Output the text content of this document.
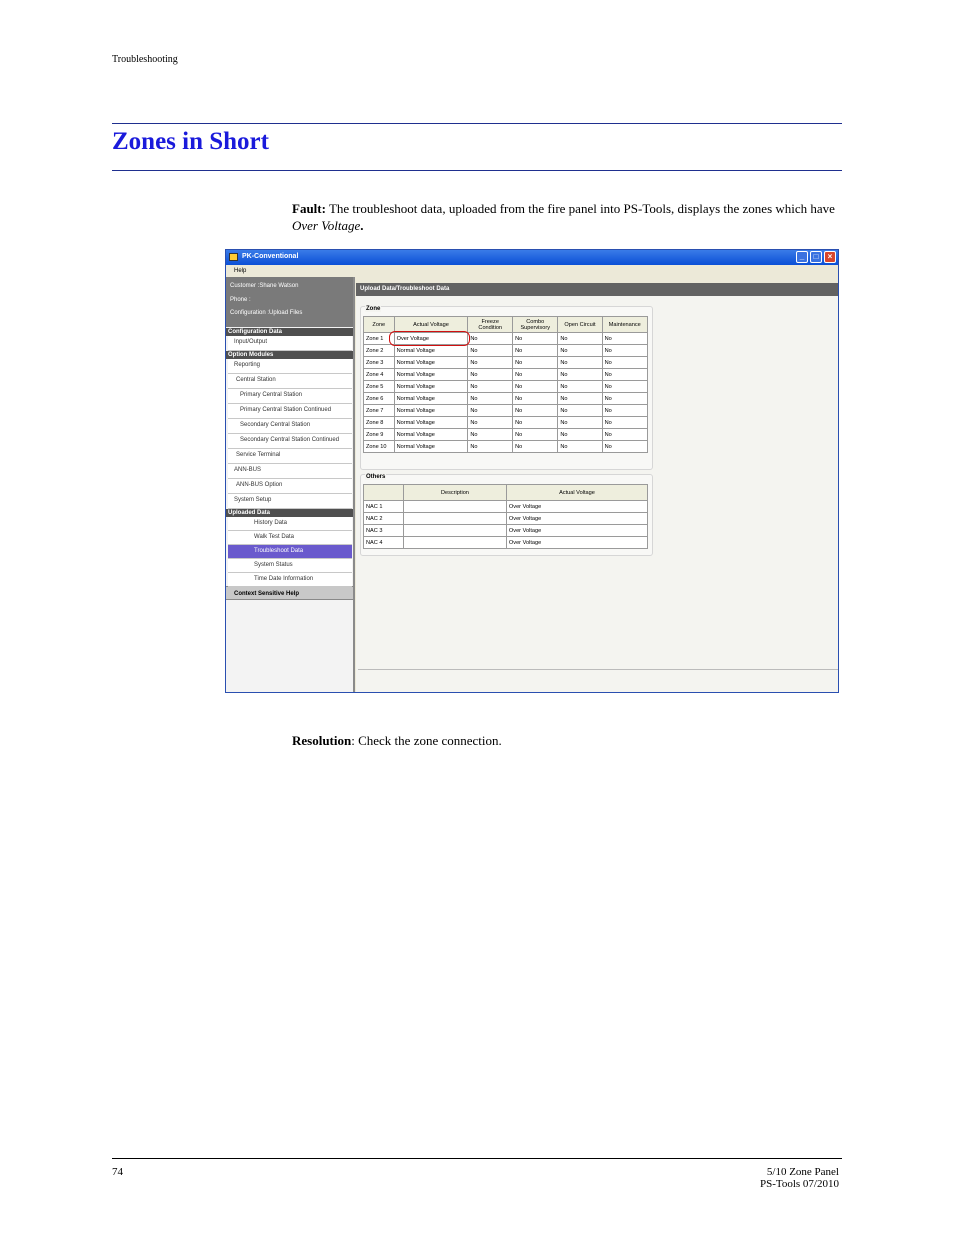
Troubleshooting
Zones in Short

Fault: The troubleshoot data, uploaded from the fire panel into PS-Tools, displays the zones which have Over Voltage.

PK-Conventional	_	□	×
Help
Customer :Shane Watson
Phone :
Configuration :Upload Files
Context Sensitive Help
Configuration Data
Input/Output
Option Modules
Reporting
Central Station
Primary Central Station
Primary Central Station Continued
Secondary Central Station
Secondary Central Station Continued
Service Terminal
ANN-BUS
ANN-BUS Option
System Setup
Uploaded Data
History Data
Walk Test Data
Troubleshoot Data
System Status
Time Date Information
Upload Data/Troubleshoot Data
Zone
Zone	Actual Voltage	Freeze Condition	Combo Supervisory	Open Circuit	Maintenance
Zone 1	Over Voltage	No	No	No	No
Zone 2	Normal Voltage	No	No	No	No
Zone 3	Normal Voltage	No	No	No	No
Zone 4	Normal Voltage	No	No	No	No
Zone 5	Normal Voltage	No	No	No	No
Zone 6	Normal Voltage	No	No	No	No
Zone 7	Normal Voltage	No	No	No	No
Zone 8	Normal Voltage	No	No	No	No
Zone 9	Normal Voltage	No	No	No	No
Zone 10	Normal Voltage	No	No	No	No
Others
	Description	Actual Voltage
NAC 1		Over Voltage
NAC 2		Over Voltage
NAC 3		Over Voltage
NAC 4		Over Voltage

Resolution: Check the zone connection.

74	5/10 Zone Panel
PS-Tools 07/2010
